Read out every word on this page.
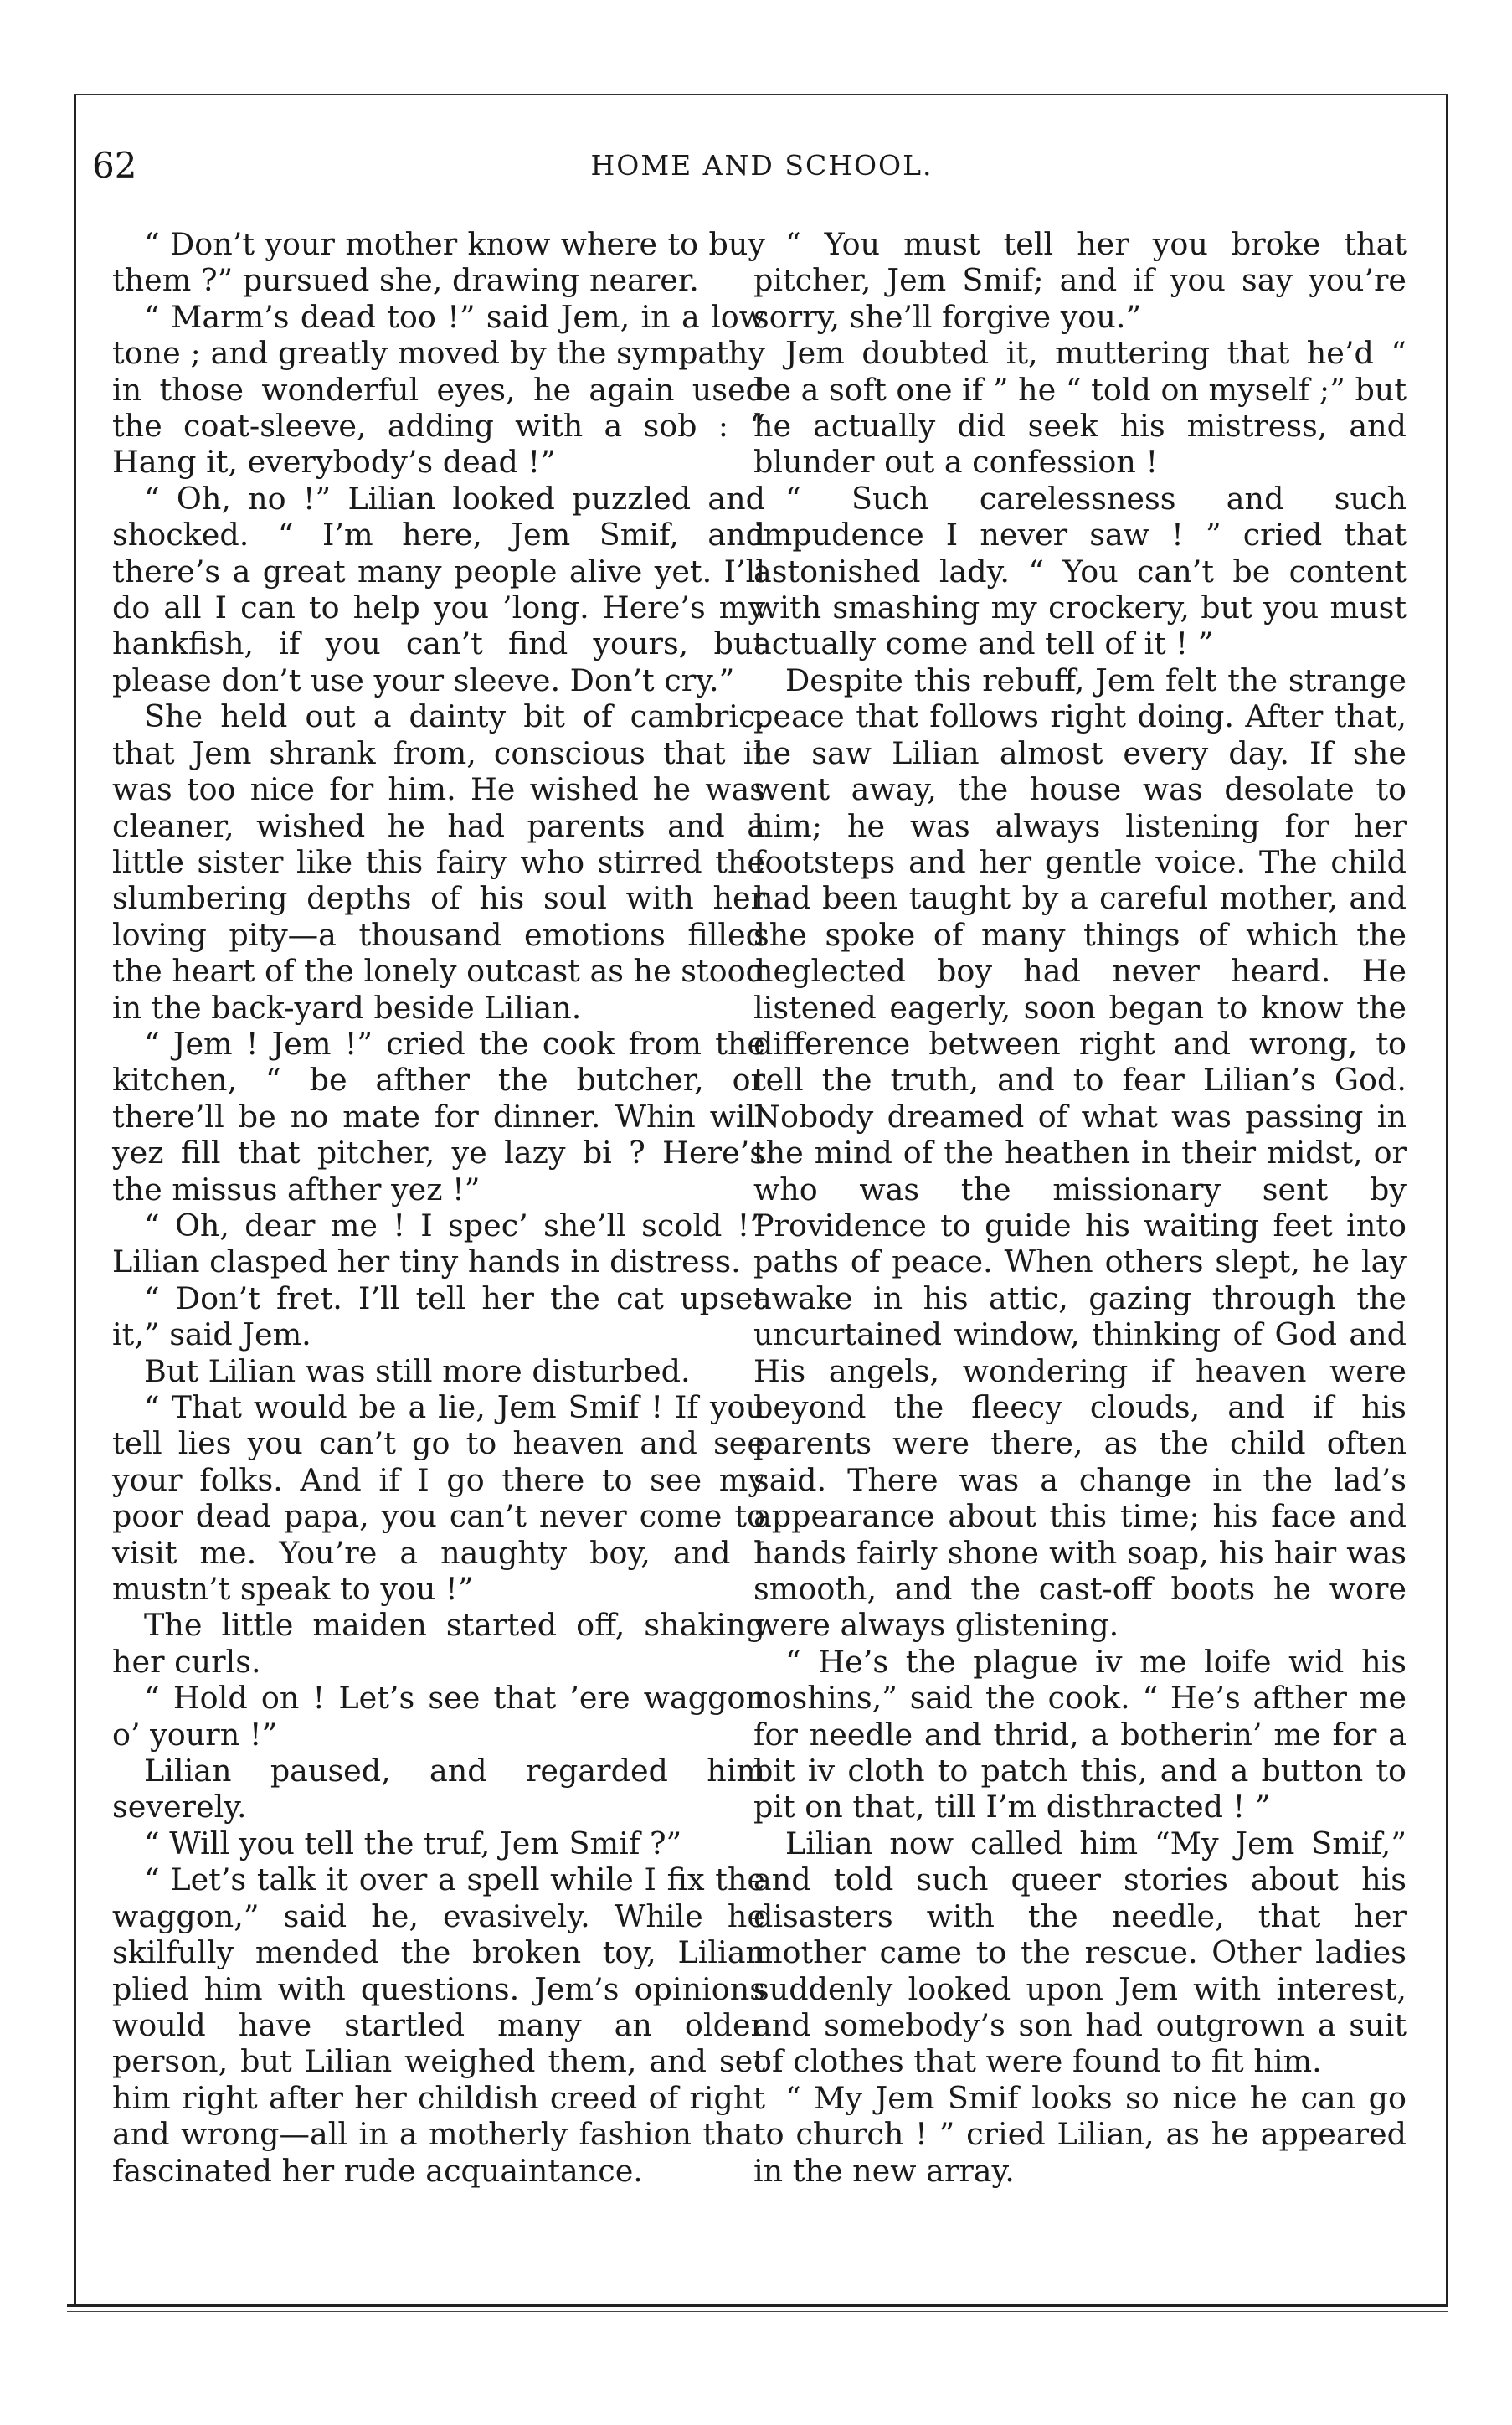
62	HOME AND SCHOOL.

“ Don’t your mother know where to buy them ?” pursued she, drawing nearer.

“ Marm’s dead too !” said Jem, in a low tone ; and greatly moved by the sympathy in those wonderful eyes, he again used the coat-sleeve, adding with a sob : “ Hang it, everybody’s dead !”

“ Oh, no !” Lilian looked puzzled and shocked. “ I’m here, Jem Smif, and there’s a great many people alive yet. I’ll do all I can to help you ’long. Here’s my hankfish, if you can’t find yours, but please don’t use your sleeve. Don’t cry.”

She held out a dainty bit of cambric, that Jem shrank from, conscious that it was too nice for him. He wished he was cleaner, wished he had parents and a little sister like this fairy who stirred the slumbering depths of his soul with her loving pity—a thousand emotions filled the heart of the lonely outcast as he stood in the back-yard beside Lilian.

“ Jem ! Jem !” cried the cook from the kitchen, “ be afther the butcher, or there’ll be no mate for dinner. Whin will yez fill that pitcher, ye lazy bi ? Here’s the missus afther yez !”

“ Oh, dear me ! I spec’ she’ll scold !” Lilian clasped her tiny hands in distress.

“ Don’t fret. I’ll tell her the cat upset it,” said Jem.

But Lilian was still more disturbed.

“ That would be a lie, Jem Smif ! If you tell lies you can’t go to heaven and see your folks. And if I go there to see my poor dead papa, you can’t never come to visit me. You’re a naughty boy, and I mustn’t speak to you !”

The little maiden started off, shaking her curls.

“ Hold on ! Let’s see that ’ere waggon o’ yourn !”

Lilian paused, and regarded him severely.

“ Will you tell the truf, Jem Smif ?”

“ Let’s talk it over a spell while I fix the waggon,” said he, evasively. While he skilfully mended the broken toy, Lilian plied him with questions. Jem’s opinions would have startled many an older person, but Lilian weighed them, and set him right after her childish creed of right and wrong—all in a motherly fashion that fascinated her rude acquaintance.

“ You must tell her you broke that pitcher, Jem Smif; and if you say you’re sorry, she’ll forgive you.”

Jem doubted it, muttering that he’d “ be a soft one if ” he “ told on myself ;” but he actually did seek his mistress, and blunder out a confession !

“ Such carelessness and such impudence I never saw ! ” cried that astonished lady. “ You can’t be content with smashing my crockery, but you must actually come and tell of it ! ”

Despite this rebuff, Jem felt the strange peace that follows right doing. After that, he saw Lilian almost every day. If she went away, the house was desolate to him; he was always listening for her footsteps and her gentle voice. The child had been taught by a careful mother, and she spoke of many things of which the neglected boy had never heard. He listened eagerly, soon began to know the difference between right and wrong, to tell the truth, and to fear Lilian’s God. Nobody dreamed of what was passing in the mind of the heathen in their midst, or who was the missionary sent by Providence to guide his waiting feet into paths of peace. When others slept, he lay awake in his attic, gazing through the uncurtained window, thinking of God and His angels, wondering if heaven were beyond the fleecy clouds, and if his parents were there, as the child often said. There was a change in the lad’s appearance about this time; his face and hands fairly shone with soap, his hair was smooth, and the cast-off boots he wore were always glistening.

“ He’s the plague iv me loife wid his noshins,” said the cook. “ He’s afther me for needle and thrid, a botherin’ me for a bit iv cloth to patch this, and a button to pit on that, till I’m disthracted ! ”

Lilian now called him “My Jem Smif,” and told such queer stories about his disasters with the needle, that her mother came to the rescue. Other ladies suddenly looked upon Jem with interest, and somebody’s son had outgrown a suit of clothes that were found to fit him.

“ My Jem Smif looks so nice he can go to church ! ” cried Lilian, as he appeared in the new array.
